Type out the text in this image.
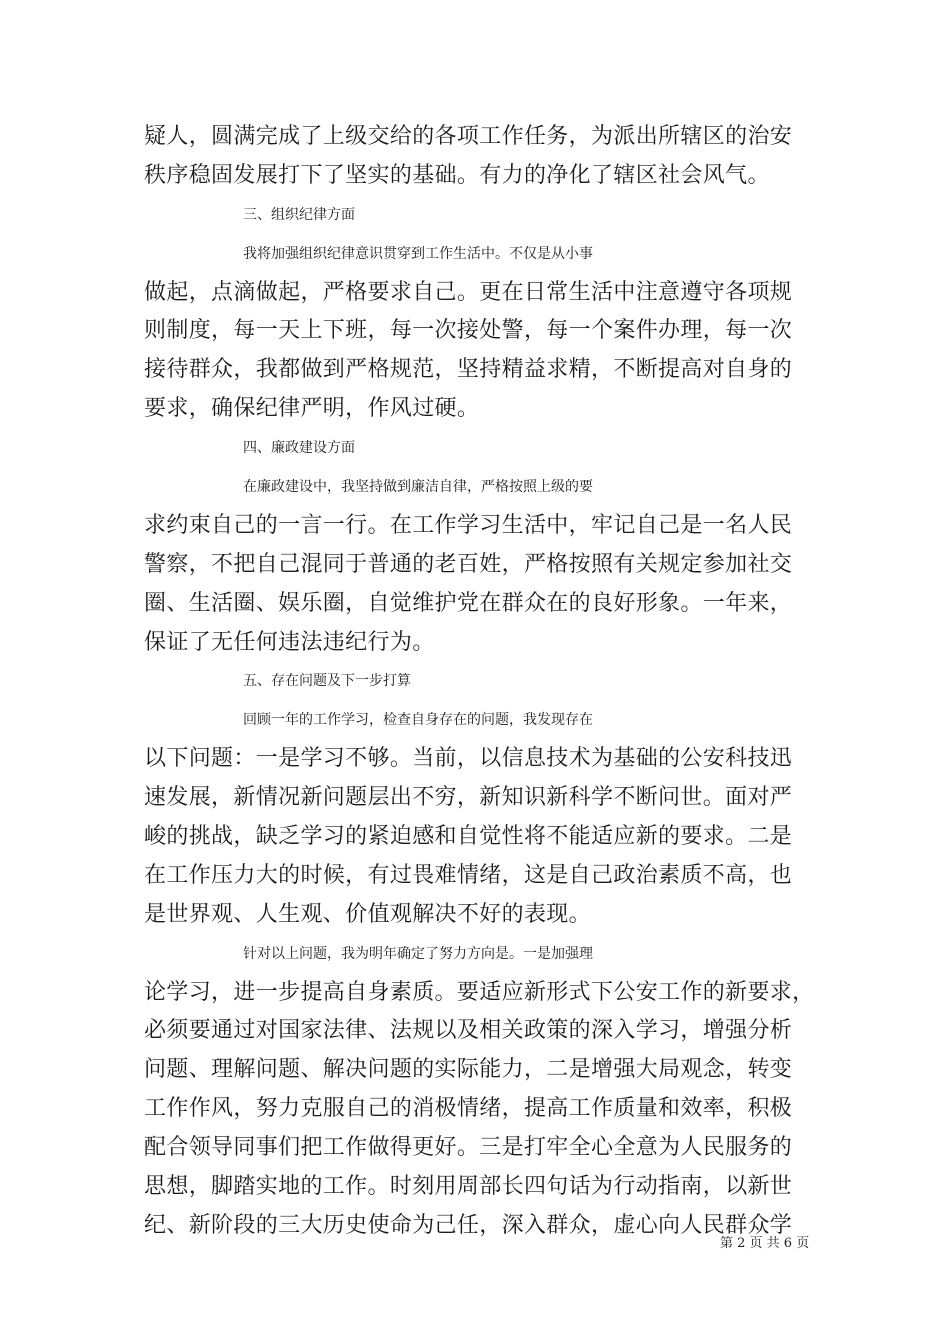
疑人，圆满完成了上级交给的各项工作任务，为派出所辖区的治安
秩序稳固发展打下了坚实的基础。有力的净化了辖区社会风气。
三、组织纪律方面
我将加强组织纪律意识贯穿到工作生活中。不仅是从小事
做起，点滴做起，严格要求自己。更在日常生活中注意遵守各项规
则制度，每一天上下班，每一次接处警，每一个案件办理，每一次
接待群众，我都做到严格规范，坚持精益求精，不断提高对自身的
要求，确保纪律严明，作风过硬。
四、廉政建设方面
在廉政建设中，我坚持做到廉洁自律，严格按照上级的要
求约束自己的一言一行。在工作学习生活中，牢记自己是一名人民
警察，不把自己混同于普通的老百姓，严格按照有关规定参加社交
圈、生活圈、娱乐圈，自觉维护党在群众在的良好形象。一年来，
保证了无任何违法违纪行为。
五、存在问题及下一步打算
回顾一年的工作学习，检查自身存在的问题，我发现存在
以下问题：一是学习不够。当前，以信息技术为基础的公安科技迅
速发展，新情况新问题层出不穷，新知识新科学不断问世。面对严
峻的挑战，缺乏学习的紧迫感和自觉性将不能适应新的要求。二是
在工作压力大的时候，有过畏难情绪，这是自己政治素质不高，也
是世界观、人生观、价值观解决不好的表现。
针对以上问题，我为明年确定了努力方向是。一是加强理
论学习，进一步提高自身素质。要适应新形式下公安工作的新要求，
必须要通过对国家法律、法规以及相关政策的深入学习，增强分析
问题、理解问题、解决问题的实际能力，二是增强大局观念，转变
工作作风，努力克服自己的消极情绪，提高工作质量和效率，积极
配合领导同事们把工作做得更好。三是打牢全心全意为人民服务的
思想，脚踏实地的工作。时刻用周部长四句话为行动指南，以新世
纪、新阶段的三大历史使命为己任，深入群众，虚心向人民群众学
第 2 页 共 6 页
